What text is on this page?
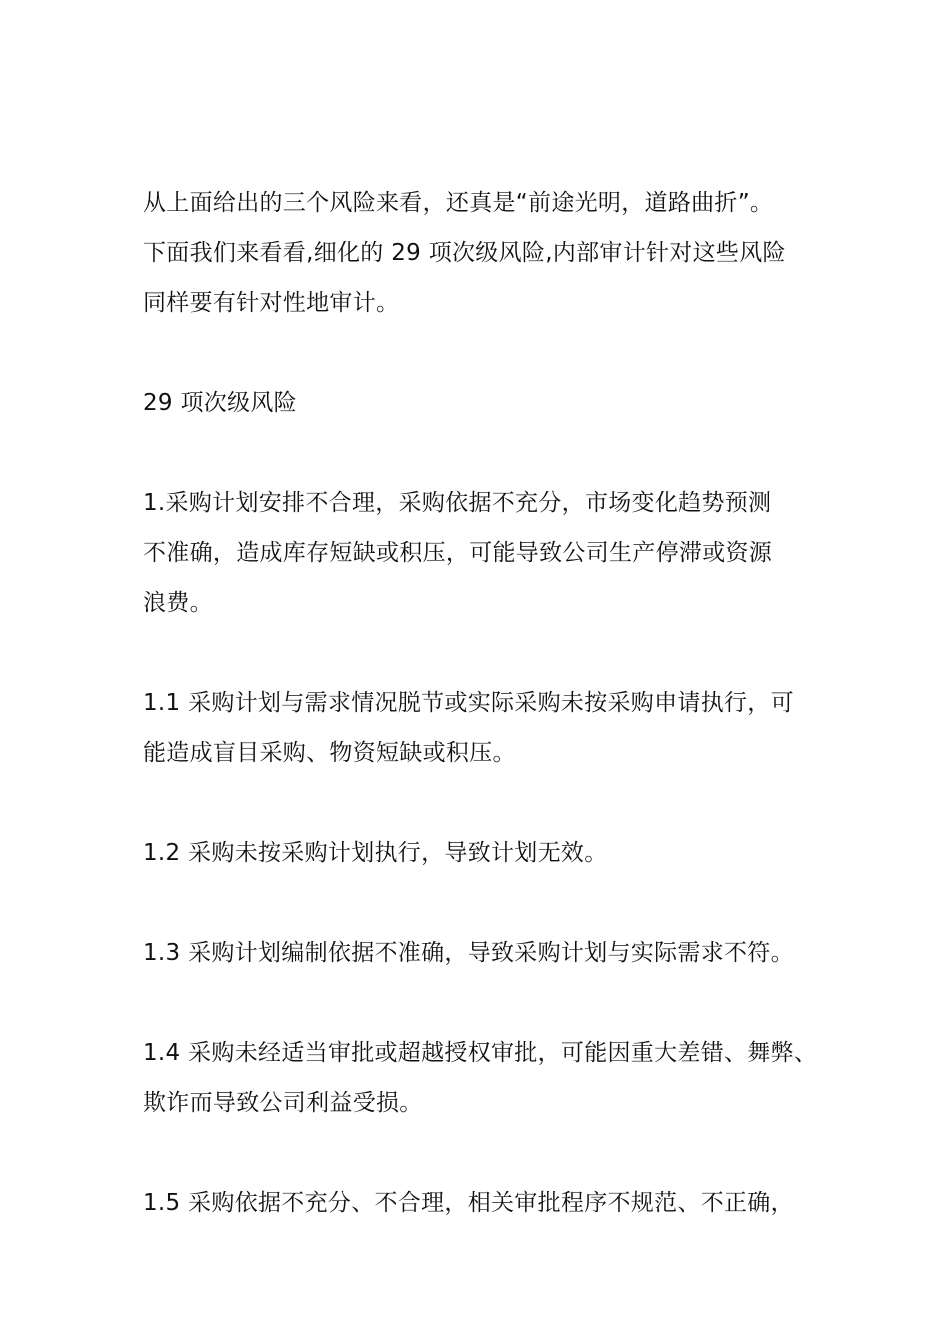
从上面给出的三个风险来看，还真是“前途光明，道路曲折”。
下面我们来看看,细化的 29 项次级风险,内部审计针对这些风险
同样要有针对性地审计。

29 项次级风险

1.采购计划安排不合理，采购依据不充分，市场变化趋势预测
不准确，造成库存短缺或积压，可能导致公司生产停滞或资源
浪费。

1.1 采购计划与需求情况脱节或实际采购未按采购申请执行，可
能造成盲目采购、物资短缺或积压。

1.2 采购未按采购计划执行，导致计划无效。

1.3 采购计划编制依据不准确，导致采购计划与实际需求不符。

1.4 采购未经适当审批或超越授权审批，可能因重大差错、舞弊、
欺诈而导致公司利益受损。

1.5 采购依据不充分、不合理，相关审批程序不规范、不正确，
